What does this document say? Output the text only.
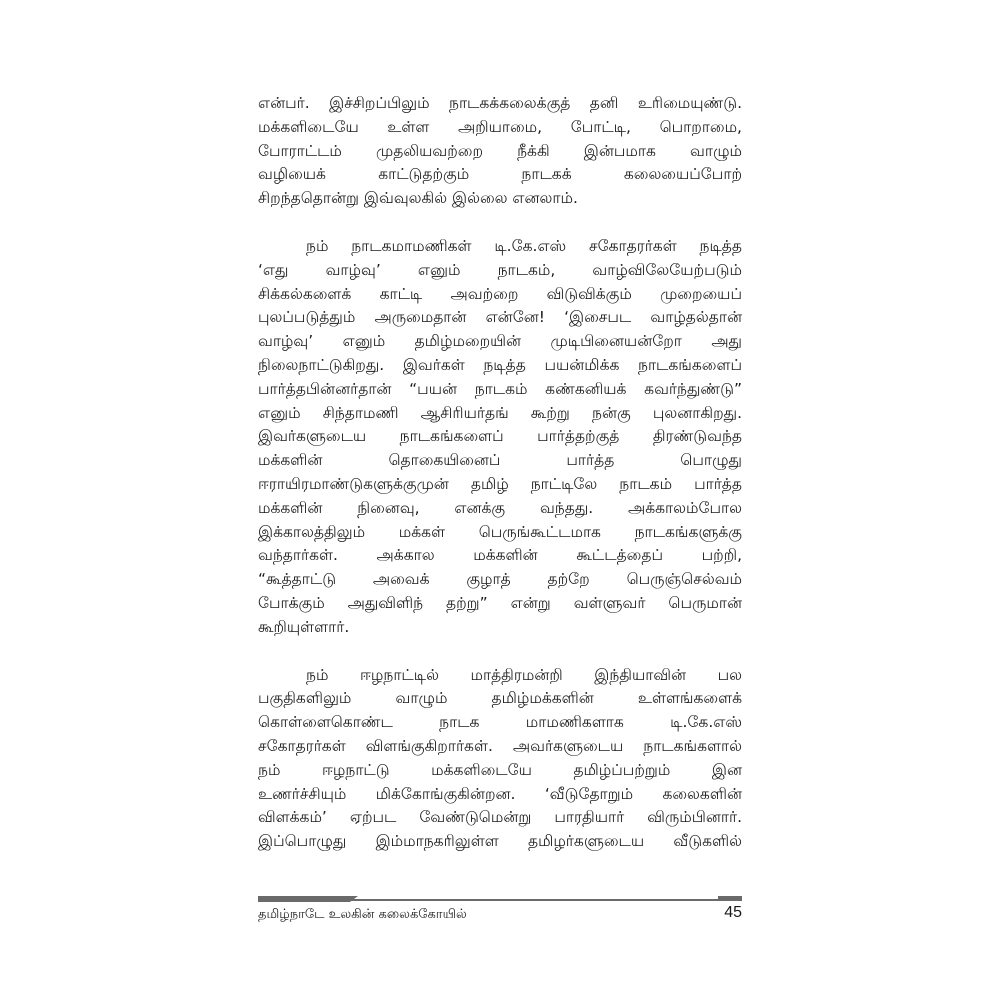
என்பர். இச்சிறப்பிலும் நாடகக்கலைக்குத் தனி உரிமையுண்டு.
மக்களிடையே உள்ள அறியாமை, போட்டி, பொறாமை,
போராட்டம் முதலியவற்றை நீக்கி இன்பமாக வாழும்
வழியைக் காட்டுதற்கும் நாடகக் கலையைப்போற்
சிறந்ததொன்று இவ்வுலகில் இல்லை எனலாம்.
நம் நாடகமாமணிகள் டி.கே.எஸ் சகோதரர்கள் நடித்த
‘எது வாழ்வு’ எனும் நாடகம், வாழ்விலேயேற்படும்
சிக்கல்களைக் காட்டி அவற்றை விடுவிக்கும் முறையைப்
புலப்படுத்தும் அருமைதான் என்னே! ‘இசைபட வாழ்தல்தான்
வாழ்வு’ எனும் தமிழ்மறையின் முடிபினையன்றோ அது
நிலைநாட்டுகிறது. இவர்கள் நடித்த பயன்மிக்க நாடகங்களைப்
பார்த்தபின்னர்தான் “பயன் நாடகம் கண்கனியக் கவர்ந்துண்டு”
எனும் சிந்தாமணி ஆசிரியர்தங் கூற்று நன்கு புலனாகிறது.
இவர்களுடைய நாடகங்களைப் பார்த்தற்குத் திரண்டுவந்த
மக்களின் தொகையினைப் பார்த்த பொழுது
ஈராயிரமாண்டுகளுக்குமுன் தமிழ் நாட்டிலே நாடகம் பார்த்த
மக்களின் நினைவு, எனக்கு வந்தது. அக்காலம்போல
இக்காலத்திலும் மக்கள் பெருங்கூட்டமாக நாடகங்களுக்கு
வந்தார்கள். அக்கால மக்களின் கூட்டத்தைப் பற்றி,
“கூத்தாட்டு அவைக் குழாத் தற்றே பெருஞ்செல்வம்
போக்கும் அதுவிளிந் தற்று” என்று வள்ளுவர் பெருமான்
கூறியுள்ளார்.
நம் ஈழநாட்டில் மாத்திரமன்றி இந்தியாவின் பல
பகுதிகளிலும் வாழும் தமிழ்மக்களின் உள்ளங்களைக்
கொள்ளைகொண்ட நாடக மாமணிகளாக டி.கே.எஸ்
சகோதரர்கள் விளங்குகிறார்கள். அவர்களுடைய நாடகங்களால்
நம் ஈழநாட்டு மக்களிடையே தமிழ்ப்பற்றும் இன
உணர்ச்சியும் மிக்கோங்குகின்றன. ‘வீடுதோறும் கலைகளின்
விளக்கம்’ ஏற்பட வேண்டுமென்று பாரதியார் விரும்பினார்.
இப்பொழுது இம்மாநகரிலுள்ள தமிழர்களுடைய வீடுகளில்
தமிழ்நாடே உலகின் கலைக்கோயில்	45
